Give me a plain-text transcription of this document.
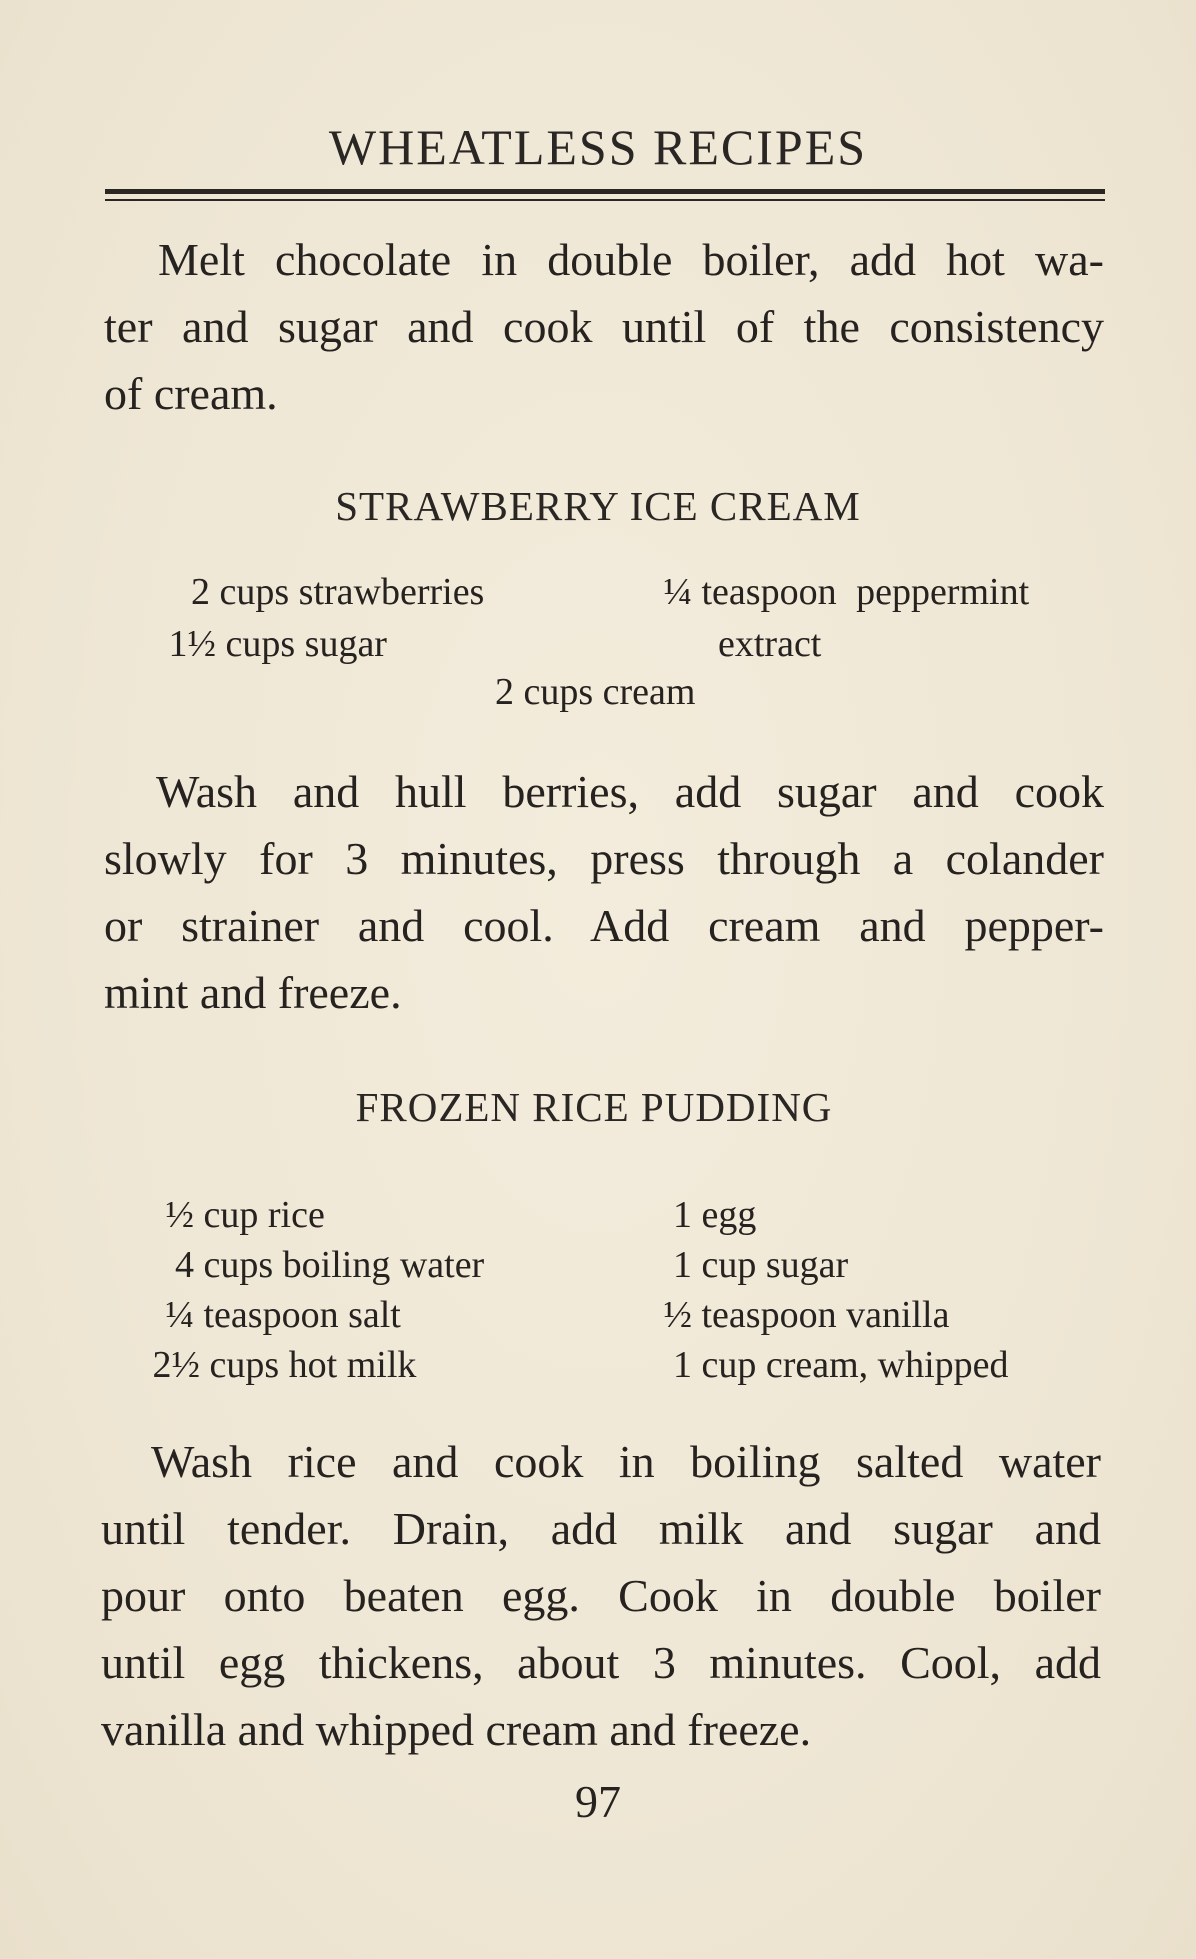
WHEATLESS RECIPES

Melt chocolate in double boiler, add hot wa-
ter and sugar and cook until of the consistency
of cream.

STRAWBERRY ICE CREAM
2 cups strawberries
1½ cups sugar
¼ teaspoon peppermint
extract
2 cups cream

Wash and hull berries, add sugar and cook
slowly for 3 minutes, press through a colander
or strainer and cool. Add cream and pepper-
mint and freeze.

FROZEN RICE PUDDING
½ cup rice
4 cups boiling water
¼ teaspoon salt
2½ cups hot milk
1 egg
1 cup sugar
½ teaspoon vanilla
1 cup cream, whipped

Wash rice and cook in boiling salted water
until tender. Drain, add milk and sugar and
pour onto beaten egg. Cook in double boiler
until egg thickens, about 3 minutes. Cool, add
vanilla and whipped cream and freeze.

97
